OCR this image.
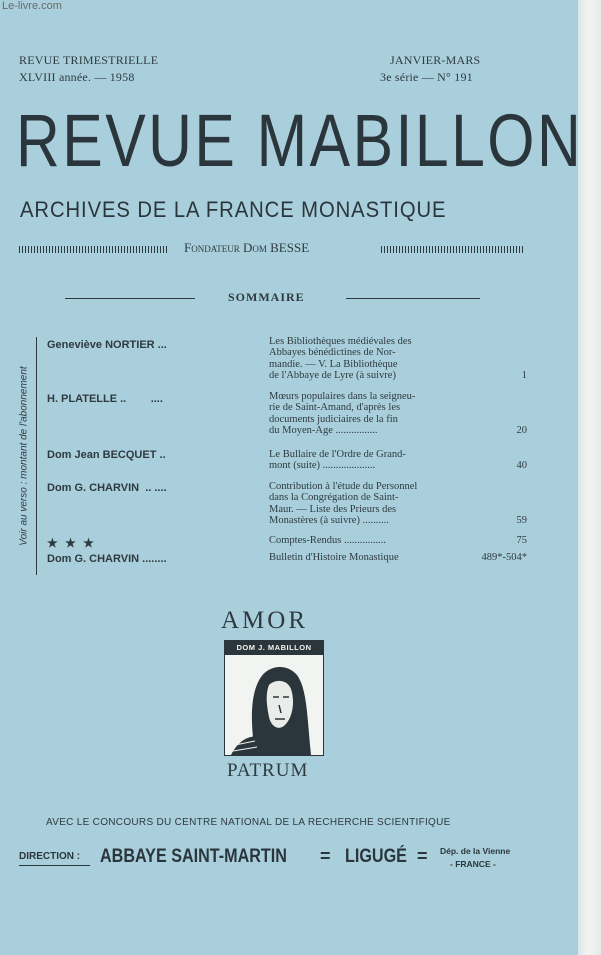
Le-livre.com
REVUE TRIMESTRIELLE
XLVIII année. — 1958
JANVIER-MARS
3e série — N° 191
REVUE MABILLON
ARCHIVES DE LA FRANCE MONASTIQUE
Fondateur Dom BESSE
SOMMAIRE
Voir au verso : montant de l'abonnement
Geneviève NORTIER ...	Les Bibliothèques médiévales des
Abbayes bénédictines de Nor-
mandie. — V. La Bibliothèque
de l'Abbaye de Lyre (à suivre)	1
H. PLATELLE ..        ....	Mœurs populaires dans la seigneu-
rie de Saint-Amand, d'après les
documents judiciaires de la fin
du Moyen-Age ................	20
Dom Jean BECQUET ..	Le Bullaire de l'Ordre de Grand-
mont (suite) ....................	40
Dom G. CHARVIN  .. ....	Contribution à l'étude du Personnel
dans la Congrégation de Saint-
Maur. — Liste des Prieurs des
Monastères (à suivre) ..........	59
★ ★ ★	Comptes-Rendus ................	75
Dom G. CHARVIN ........	Bulletin d'Histoire Monastique	489*-504*
AMOR
DOM J. MABILLON
PATRUM
AVEC LE CONCOURS DU CENTRE NATIONAL DE LA RECHERCHE SCIENTIFIQUE
DIRECTION : ABBAYE SAINT-MARTIN = LIGUGÉ = Dép. de la Vienne
- FRANCE -
